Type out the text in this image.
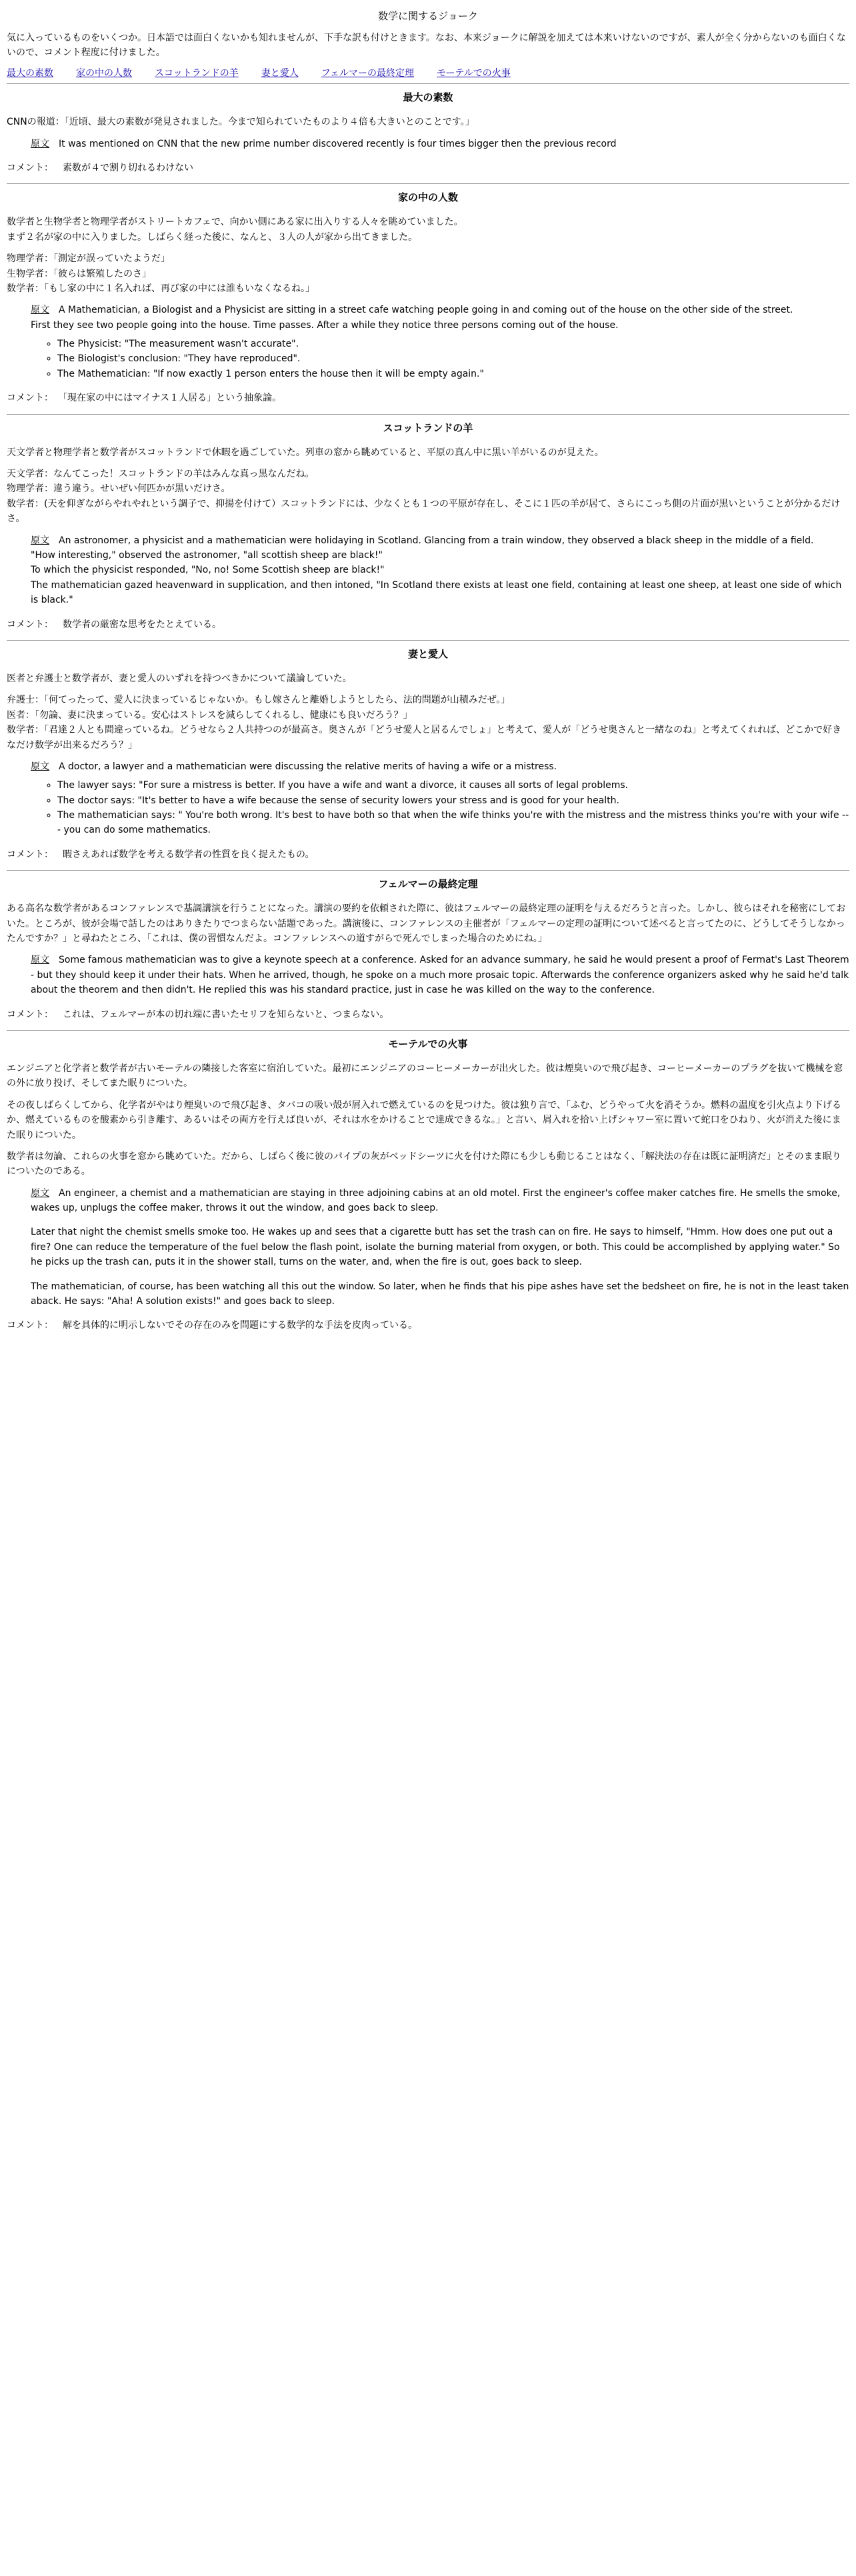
数学に関するジョーク
気に入っているものをいくつか。日本語では面白くないかも知れませんが、下手な訳も付けときます。なお、本来ジョークに解説を加えては本来いけないのですが、素人が全く分からないのも面白くないので、コメント程度に付けました。
最大の素数 家の中の人数 スコットランドの羊 妻と愛人 フェルマーの最終定理 モーテルでの火事
最大の素数

CNNの報道：「近頃、最大の素数が発見されました。今まで知られていたものより４倍も大きいとのことです。」

原文 It was mentioned on CNN that the new prime number discovered recently is four times bigger then the previous record
コメント： 素数が４で割り切れるわけない
家の中の人数

数学者と生物学者と物理学者がストリートカフェで、向かい側にある家に出入りする人々を眺めていました。
まず２名が家の中に入りました。しばらく経った後に、なんと、３人の人が家から出てきました。

物理学者：「測定が誤っていたようだ」
生物学者：「彼らは繁殖したのさ」
数学者：「もし家の中に１名入れば、再び家の中には誰もいなくなるね。」

原文 A Mathematician, a Biologist and a Physicist are sitting in a street cafe watching people going in and coming out of the house on the other side of the street.
First they see two people going into the house. Time passes. After a while they notice three persons coming out of the house.
◦ The Physicist: "The measurement wasn't accurate".
◦ The Biologist's conclusion: "They have reproduced".
◦ The Mathematician: "If now exactly 1 person enters the house then it will be empty again."
コメント： 「現在家の中にはマイナス１人居る」という抽象論。
スコットランドの羊

天文学者と物理学者と数学者がスコットランドで休暇を過ごしていた。列車の窓から眺めていると、平原の真ん中に黒い羊がいるのが見えた。

天文学者：なんてこった！スコットランドの羊はみんな真っ黒なんだね。
物理学者：違う違う。せいぜい何匹かが黒いだけさ。
数学者：(天を仰ぎながらやれやれという調子で、抑揚を付けて）スコットランドには、少なくとも１つの平原が存在し、そこに１匹の羊が居て、さらにこっち側の片面が黒いということが分かるだけさ。

原文 An astronomer, a physicist and a mathematician were holidaying in Scotland. Glancing from a train window, they observed a black sheep in the middle of a field.
"How interesting," observed the astronomer, "all scottish sheep are black!"
To which the physicist responded, "No, no! Some Scottish sheep are black!"
The mathematician gazed heavenward in supplication, and then intoned, "In Scotland there exists at least one field, containing at least one sheep, at least one side of which is black."
コメント： 数学者の厳密な思考をたとえている。
妻と愛人

医者と弁護士と数学者が、妻と愛人のいずれを持つべきかについて議論していた。

弁護士：「何てったって、愛人に決まっているじゃないか。もし嫁さんと離婚しようとしたら、法的問題が山積みだぜ。」
医者：「勿論、妻に決まっている。安心はストレスを減らしてくれるし、健康にも良いだろう？」
数学者：「君達２人とも間違っているね。どうせなら２人共持つのが最高さ。奥さんが「どうせ愛人と居るんでしょ」と考えて、愛人が「どうせ奥さんと一緒なのね」と考えてくれれば、どこかで好きなだけ数学が出来るだろう？」

原文 A doctor, a lawyer and a mathematician were discussing the relative merits of having a wife or a mistress.
◦ The lawyer says: "For sure a mistress is better. If you have a wife and want a divorce, it causes all sorts of legal problems.
◦ The doctor says: "It's better to have a wife because the sense of security lowers your stress and is good for your health.
◦ The mathematician says: " You're both wrong. It's best to have both so that when the wife thinks you're with the mistress and the mistress thinks you're with your wife --- you can do some mathematics.
コメント： 暇さえあれば数学を考える数学者の性質を良く捉えたもの。
フェルマーの最終定理

ある高名な数学者があるコンファレンスで基調講演を行うことになった。講演の要約を依頼された際に、彼はフェルマーの最終定理の証明を与えるだろうと言った。しかし、彼らはそれを秘密にしておいた。ところが、彼が会場で話したのはありきたりでつまらない話題であった。講演後に、コンファレンスの主催者が「フェルマーの定理の証明について述べると言ってたのに、どうしてそうしなかったんですか？」と尋ねたところ、「これは、僕の習慣なんだよ。コンファレンスへの道すがらで死んでしまった場合のためにね。」

原文 Some famous mathematician was to give a keynote speech at a conference. Asked for an advance summary, he said he would present a proof of Fermat's Last Theorem - but they should keep it under their hats. When he arrived, though, he spoke on a much more prosaic topic. Afterwards the conference organizers asked why he said he'd talk about the theorem and then didn't. He replied this was his standard practice, just in case he was killed on the way to the conference.
コメント： これは、フェルマーが本の切れ端に書いたセリフを知らないと、つまらない。
モーテルでの火事

エンジニアと化学者と数学者が古いモーテルの隣接した客室に宿泊していた。最初にエンジニアのコーヒーメーカーが出火した。彼は煙臭いので飛び起き、コーヒーメーカーのプラグを抜いて機械を窓の外に放り投げ、そしてまた眠りについた。

その夜しばらくしてから、化学者がやはり煙臭いので飛び起き、タバコの吸い殻が屑入れで燃えているのを見つけた。彼は独り言で、「ふむ、どうやって火を消そうか。燃料の温度を引火点より下げるか、燃えているものを酸素から引き離す、あるいはその両方を行えば良いが、それは水をかけることで達成できるな。」と言い、屑入れを拾い上げシャワー室に置いて蛇口をひねり、火が消えた後にまた眠りについた。

数学者は勿論、これらの火事を窓から眺めていた。だから、しばらく後に彼のパイプの灰がベッドシーツに火を付けた際にも少しも動じることはなく、「解決法の存在は既に証明済だ」とそのまま眠りについたのである。

原文 An engineer, a chemist and a mathematician are staying in three adjoining cabins at an old motel. First the engineer's coffee maker catches fire. He smells the smoke, wakes up, unplugs the coffee maker, throws it out the window, and goes back to sleep.
Later that night the chemist smells smoke too. He wakes up and sees that a cigarette butt has set the trash can on fire. He says to himself, "Hmm. How does one put out a fire? One can reduce the temperature of the fuel below the flash point, isolate the burning material from oxygen, or both. This could be accomplished by applying water." So he picks up the trash can, puts it in the shower stall, turns on the water, and, when the fire is out, goes back to sleep.
The mathematician, of course, has been watching all this out the window. So later, when he finds that his pipe ashes have set the bedsheet on fire, he is not in the least taken aback. He says: "Aha! A solution exists!" and goes back to sleep.
コメント： 解を具体的に明示しないでその存在のみを問題にする数学的な手法を皮肉っている。
